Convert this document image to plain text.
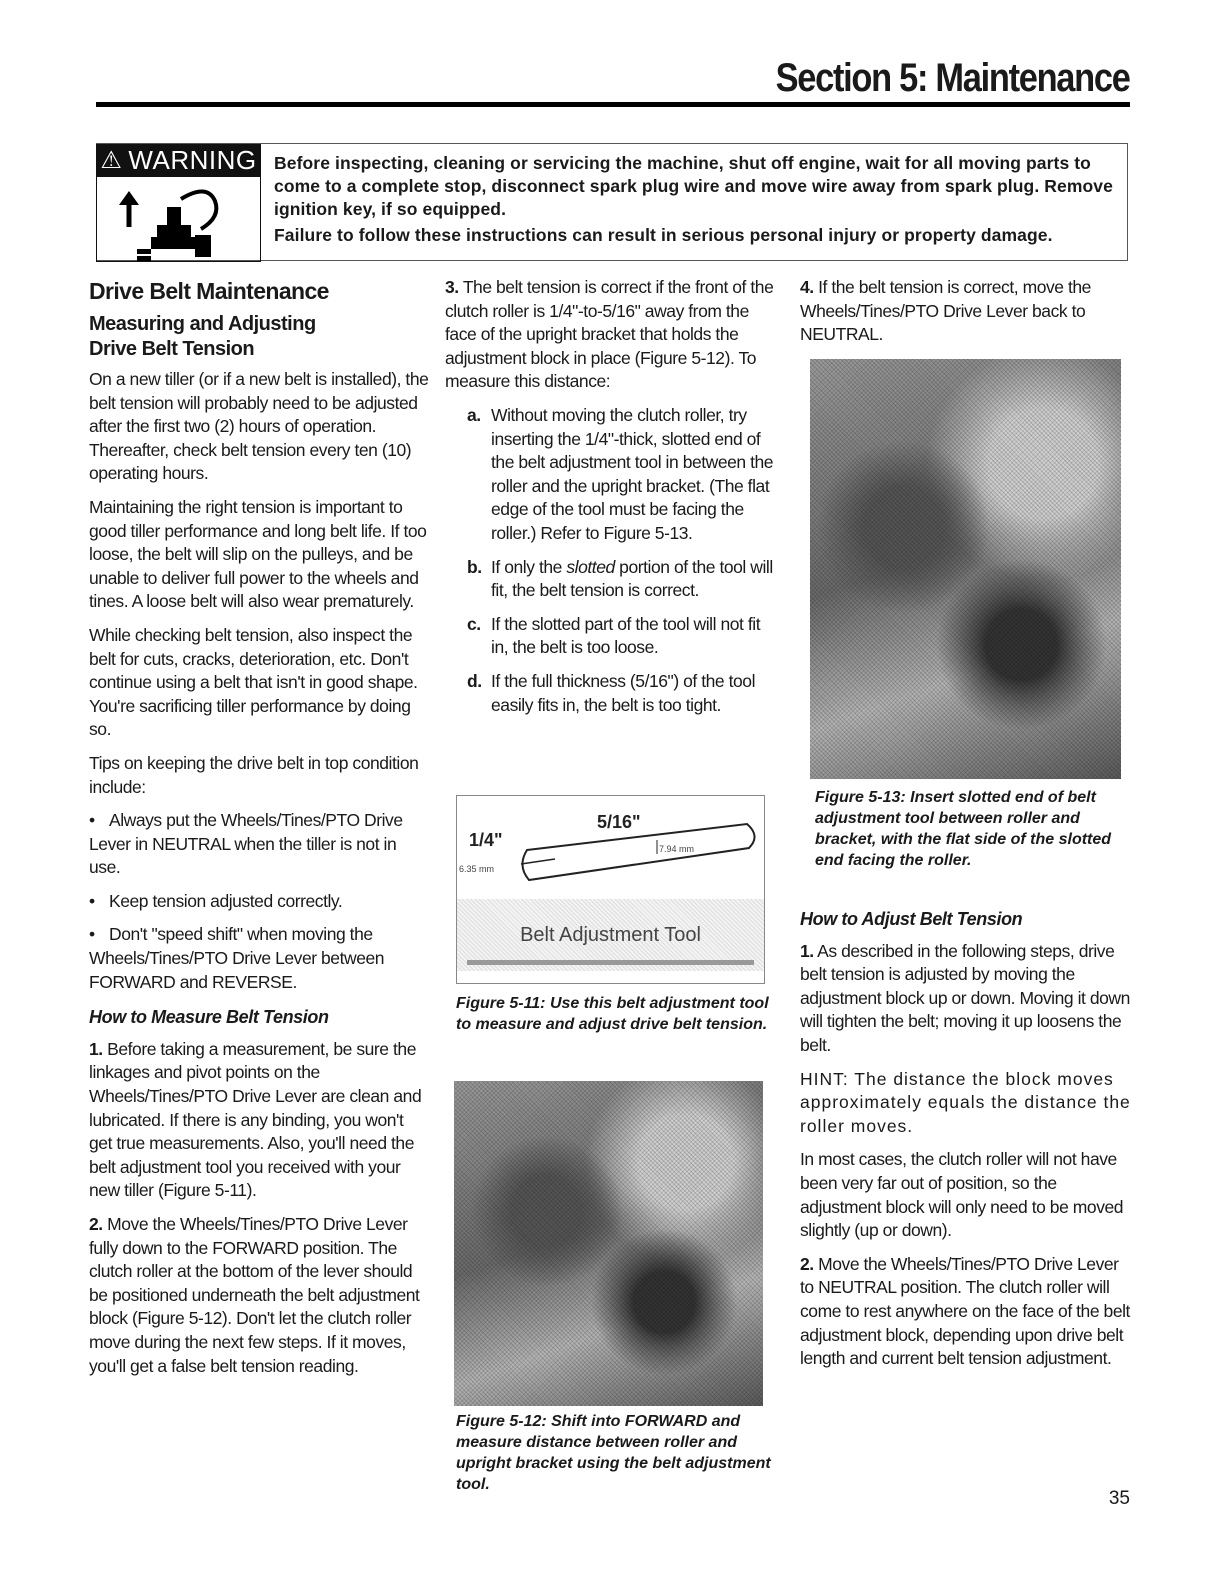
Section 5: Maintenance
⚠ WARNING Before inspecting, cleaning or servicing the machine, shut off engine, wait for all moving parts to come to a complete stop, disconnect spark plug wire and move wire away from spark plug. Remove ignition key, if so equipped.

Failure to follow these instructions can result in serious personal injury or property damage.

Drive Belt Maintenance
Measuring and Adjusting
Drive Belt Tension

On a new tiller (or if a new belt is installed), the belt tension will probably need to be adjusted after the first two (2) hours of operation. Thereafter, check belt tension every ten (10) operating hours.

Maintaining the right tension is important to good tiller performance and long belt life. If too loose, the belt will slip on the pulleys, and be unable to deliver full power to the wheels and tines. A loose belt will also wear prematurely.

While checking belt tension, also inspect the belt for cuts, cracks, deterioration, etc. Don't continue using a belt that isn't in good shape. You're sacrificing tiller performance by doing so.

Tips on keeping the drive belt in top condition include:

• Always put the Wheels/Tines/PTO Drive Lever in NEUTRAL when the tiller is not in use.

• Keep tension adjusted correctly.

• Don't "speed shift" when moving the Wheels/Tines/PTO Drive Lever between FORWARD and REVERSE.

How to Measure Belt Tension

1. Before taking a measurement, be sure the linkages and pivot points on the Wheels/Tines/PTO Drive Lever are clean and lubricated. If there is any binding, you won't get true measurements. Also, you'll need the belt adjustment tool you received with your new tiller (Figure 5-11).

2. Move the Wheels/Tines/PTO Drive Lever fully down to the FORWARD position. The clutch roller at the bottom of the lever should be positioned underneath the belt adjustment block (Figure 5-12). Don't let the clutch roller move during the next few steps. If it moves, you'll get a false belt tension reading.

3. The belt tension is correct if the front of the clutch roller is 1/4"-to-5/16" away from the face of the upright bracket that holds the adjustment block in place (Figure 5-12). To measure this distance:

a. Without moving the clutch roller, try inserting the 1/4"-thick, slotted end of the belt adjustment tool in between the roller and the upright bracket. (The flat edge of the tool must be facing the roller.) Refer to Figure 5-13.
b. If only the slotted portion of the tool will fit, the belt tension is correct.
c. If the slotted part of the tool will not fit in, the belt is too loose.
d. If the full thickness (5/16") of the tool easily fits in, the belt is too tight.
1/4"
5/16"
6.35 mm
7.94 mm
Belt Adjustment Tool
Figure 5-11: Use this belt adjustment tool to measure and adjust drive belt tension.
Figure 5-12: Shift into FORWARD and measure distance between roller and upright bracket using the belt adjustment tool.

4. If the belt tension is correct, move the Wheels/Tines/PTO Drive Lever back to NEUTRAL.

Figure 5-13: Insert slotted end of belt adjustment tool between roller and bracket, with the flat side of the slotted end facing the roller.
How to Adjust Belt Tension

1. As described in the following steps, drive belt tension is adjusted by moving the adjustment block up or down. Moving it down will tighten the belt; moving it up loosens the belt.

HINT: The distance the block moves approximately equals the distance the roller moves.

In most cases, the clutch roller will not have been very far out of position, so the adjustment block will only need to be moved slightly (up or down).

2. Move the Wheels/Tines/PTO Drive Lever to NEUTRAL position. The clutch roller will come to rest anywhere on the face of the belt adjustment block, depending upon drive belt length and current belt tension adjustment.

35
